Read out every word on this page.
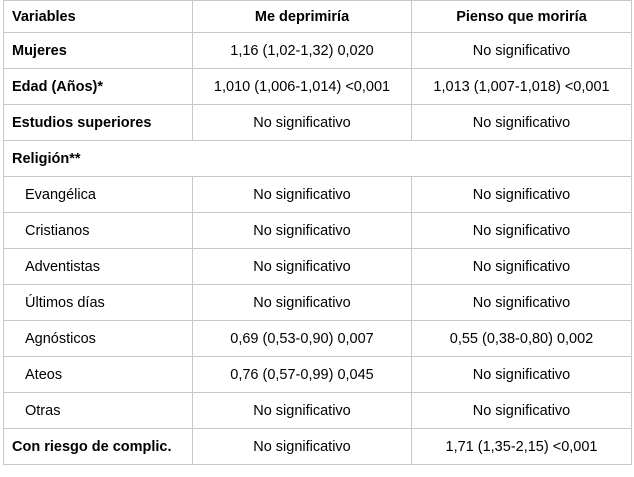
Variables	Me deprimiría	Pienso que moriría
Mujeres	1,16 (1,02-1,32) 0,020	No significativo
Edad (Años)*	1,010 (1,006-1,014) <0,001	1,013 (1,007-1,018) <0,001
Estudios superiores	No significativo	No significativo
Religión**		
Evangélica	No significativo	No significativo
Cristianos	No significativo	No significativo
Adventistas	No significativo	No significativo
Últimos días	No significativo	No significativo
Agnósticos	0,69 (0,53-0,90) 0,007	0,55 (0,38-0,80) 0,002
Ateos	0,76 (0,57-0,99) 0,045	No significativo
Otras	No significativo	No significativo
Con riesgo de complic.	No significativo	1,71 (1,35-2,15) <0,001
